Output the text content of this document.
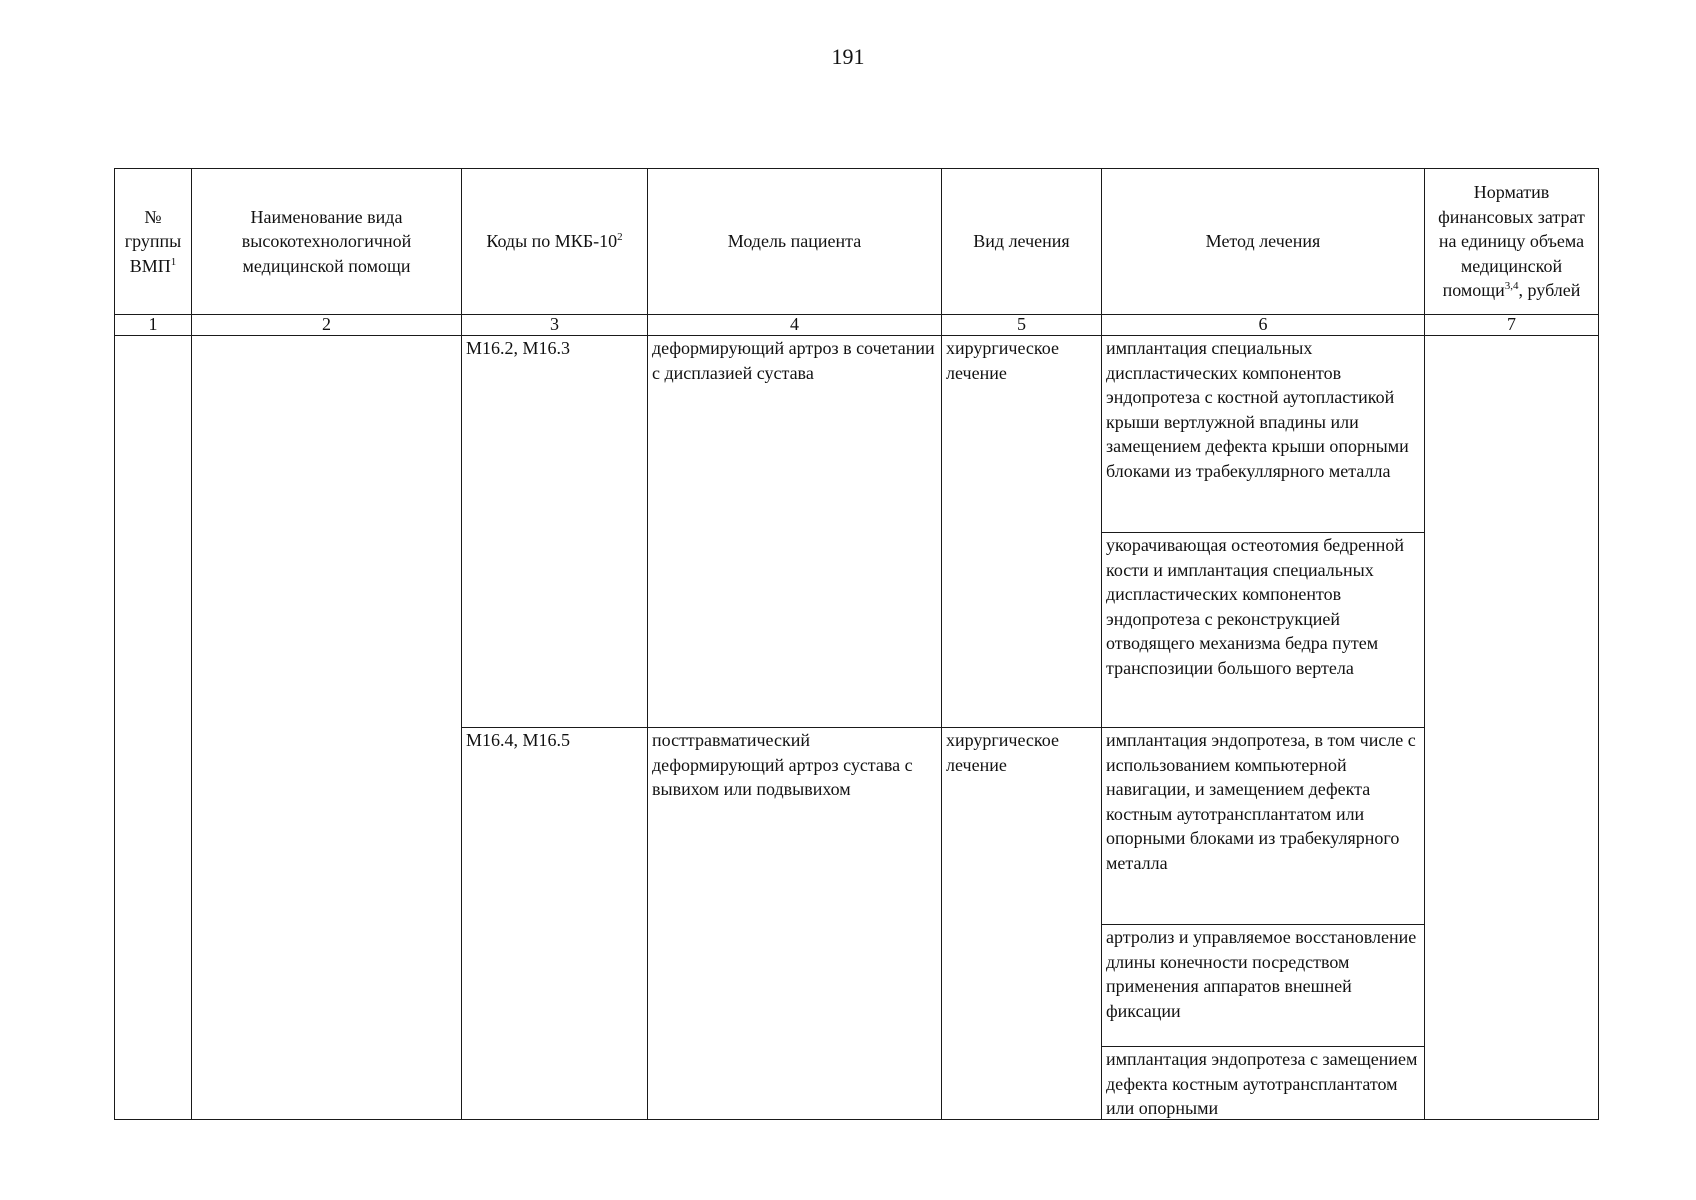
191
№ группы ВМП$^1$	Наименование вида высокотехнологичной медицинской помощи	Коды по МКБ-$10^2$	Модель пациента	Вид лечения	Метод лечения	Норматив финансовых затрат на единицу объема медицинской помощи$^{3,4}$, рублей
1	2	3	4	5	6	7
		M16.2, M16.3	деформирующий артроз в сочетании с дисплазией сустава	хирургическое лечение	имплантация специальных диспластических компонентов эндопротеза с костной аутопластикой крыши вертлужной впадины или замещением дефекта крыши опорными блоками из трабекуллярного металла	

					укорачивающая остеотомия бедренной кости и имплантация специальных диспластических компонентов эндопротеза с реконструкцией отводящего механизма бедра путем транспозиции большого вертела	

		M16.4, M16.5	посттравматический деформирующий артроз сустава с вывихом или подвывихом	хирургическое лечение	имплантация эндопротеза, в том числе с использованием компьютерной навигации, и замещением дефекта костным аутотрансплантатом или опорными блоками из трабекулярного металла	

					артролиз и управляемое восстановление длины конечности посредством применения аппаратов внешней фиксации	

					имплантация эндопротеза с замещением дефекта костным аутотрансплантатом или опорными	
